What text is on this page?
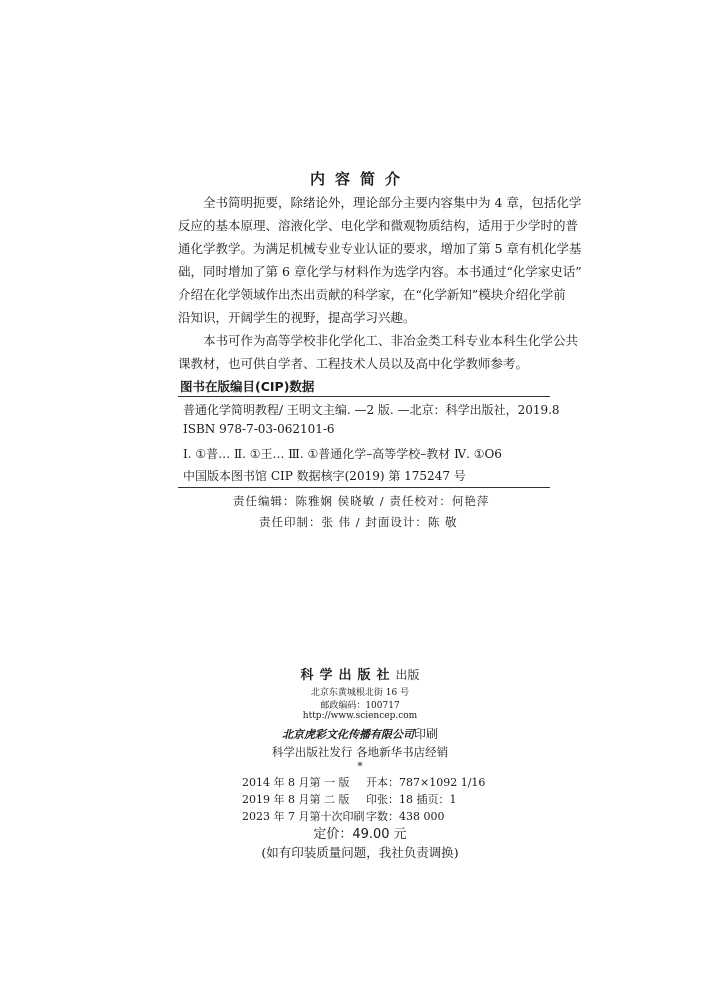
内容简介
全书简明扼要，除绪论外，理论部分主要内容集中为 4 章，包括化学
反应的基本原理、溶液化学、电化学和微观物质结构，适用于少学时的普
通化学教学。为满足机械专业专业认证的要求，增加了第 5 章有机化学基
础，同时增加了第 6 章化学与材料作为选学内容。本书通过“化学家史话”
介绍在化学领域作出杰出贡献的科学家，在“化学新知”模块介绍化学前
沿知识，开阔学生的视野，提高学习兴趣。
本书可作为高等学校非化学化工、非冶金类工科专业本科生化学公共
课教材，也可供自学者、工程技术人员以及高中化学教师参考。
图书在版编目(CIP)数据
普通化学简明教程/ 王明文主编. —2 版. —北京：科学出版社，2019.8
ISBN 978-7-03-062101-6
Ⅰ. ①普… Ⅱ. ①王… Ⅲ. ①普通化学–高等学校–教材 Ⅳ. ①O6
中国版本图书馆 CIP 数据核字(2019) 第 175247 号
责任编辑：陈雅娴 侯晓敏 / 责任校对：何艳萍
责任印制：张 伟 / 封面设计：陈 敬
科学出版社出版
北京东黄城根北街 16 号
邮政编码：100717
http://www.sciencep.com
北京虎彩文化传播有限公司印刷
科学出版社发行 各地新华书店经销
*
2014 年 8 月第 一 版 开本：787×1092 1/16
2019 年 8 月第 二 版 印张：18 插页：1
2023 年 7 月第十次印刷 字数：438 000
定价：49.00 元
(如有印装质量问题，我社负责调换)
